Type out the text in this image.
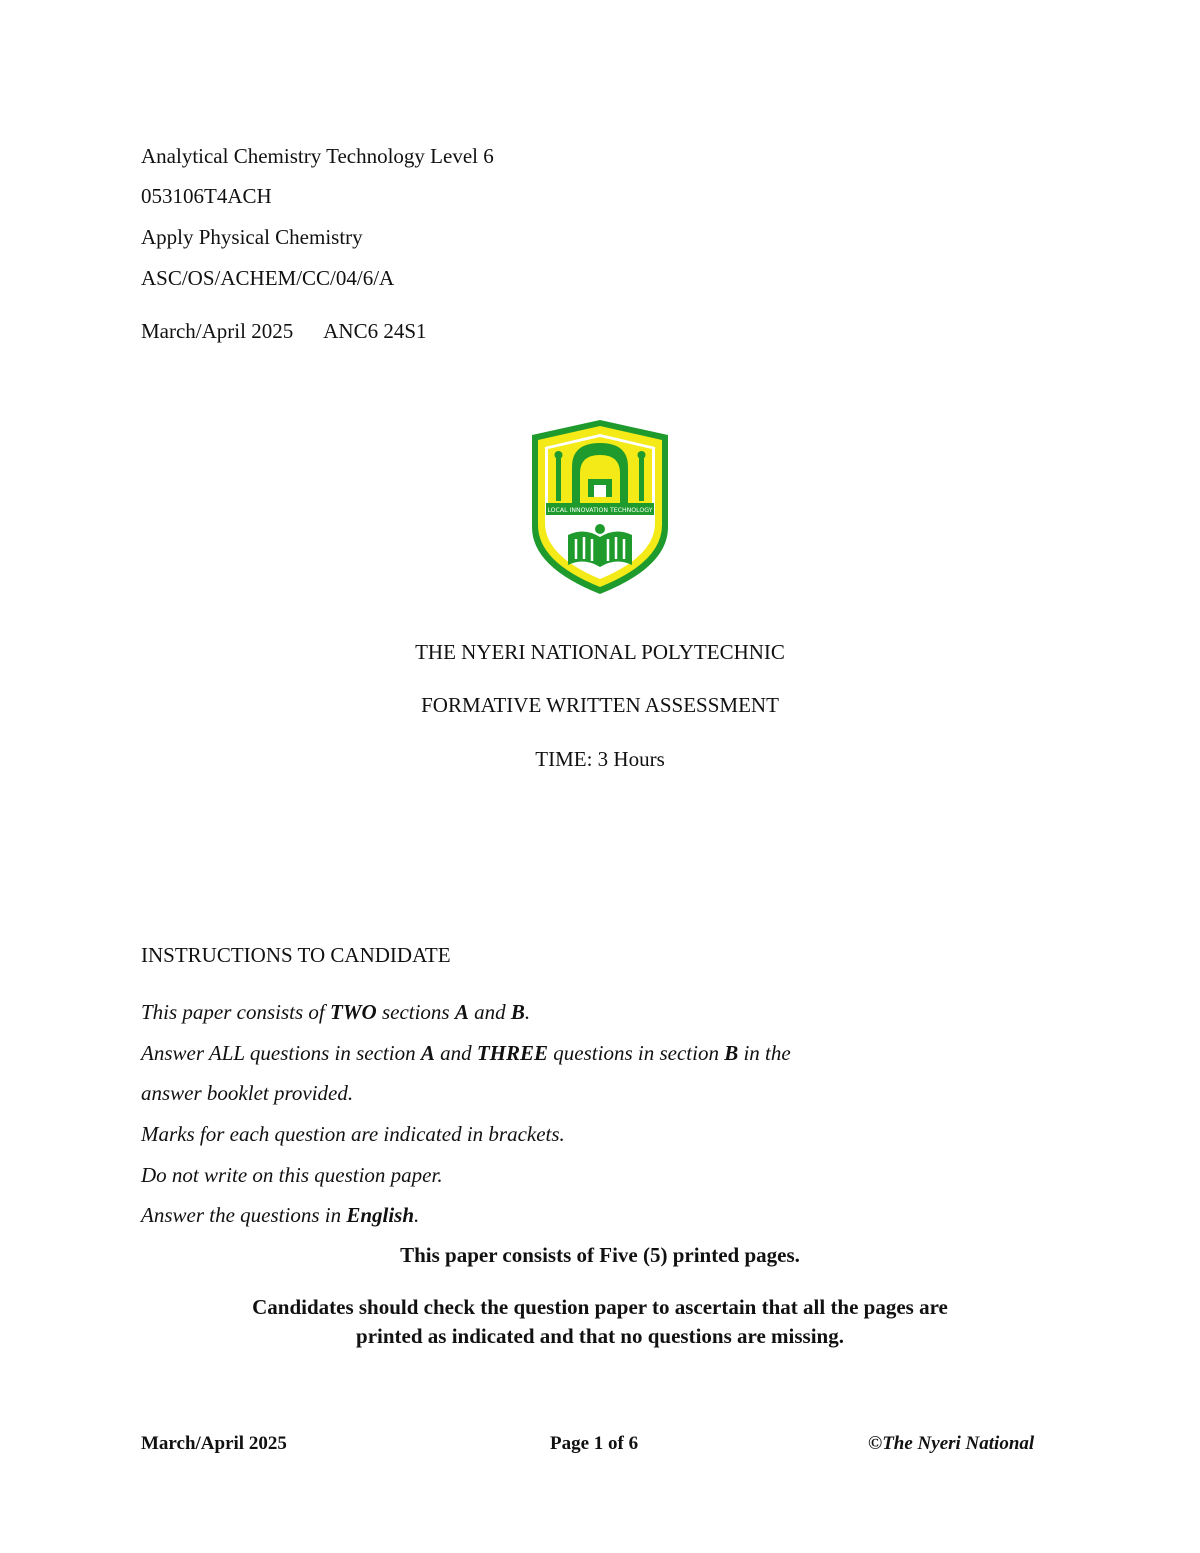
Analytical Chemistry Technology Level 6
053106T4ACH
Apply Physical Chemistry
ASC/OS/ACHEM/CC/04/6/A
March/April 2025 ANC6 24S1
LOCAL INNOVATION TECHNOLOGY
THE NYERI NATIONAL POLYTECHNIC
FORMATIVE WRITTEN ASSESSMENT
TIME: 3 Hours
INSTRUCTIONS TO CANDIDATE
This paper consists of TWO sections A and B.
Answer ALL questions in section A and THREE questions in section B in the
answer booklet provided.
Marks for each question are indicated in brackets.
Do not write on this question paper.
Answer the questions in English.
This paper consists of Five (5) printed pages.
Candidates should check the question paper to ascertain that all the pages are
printed as indicated and that no questions are missing.
March/April 2025	Page 1 of 6	©The Nyeri National
